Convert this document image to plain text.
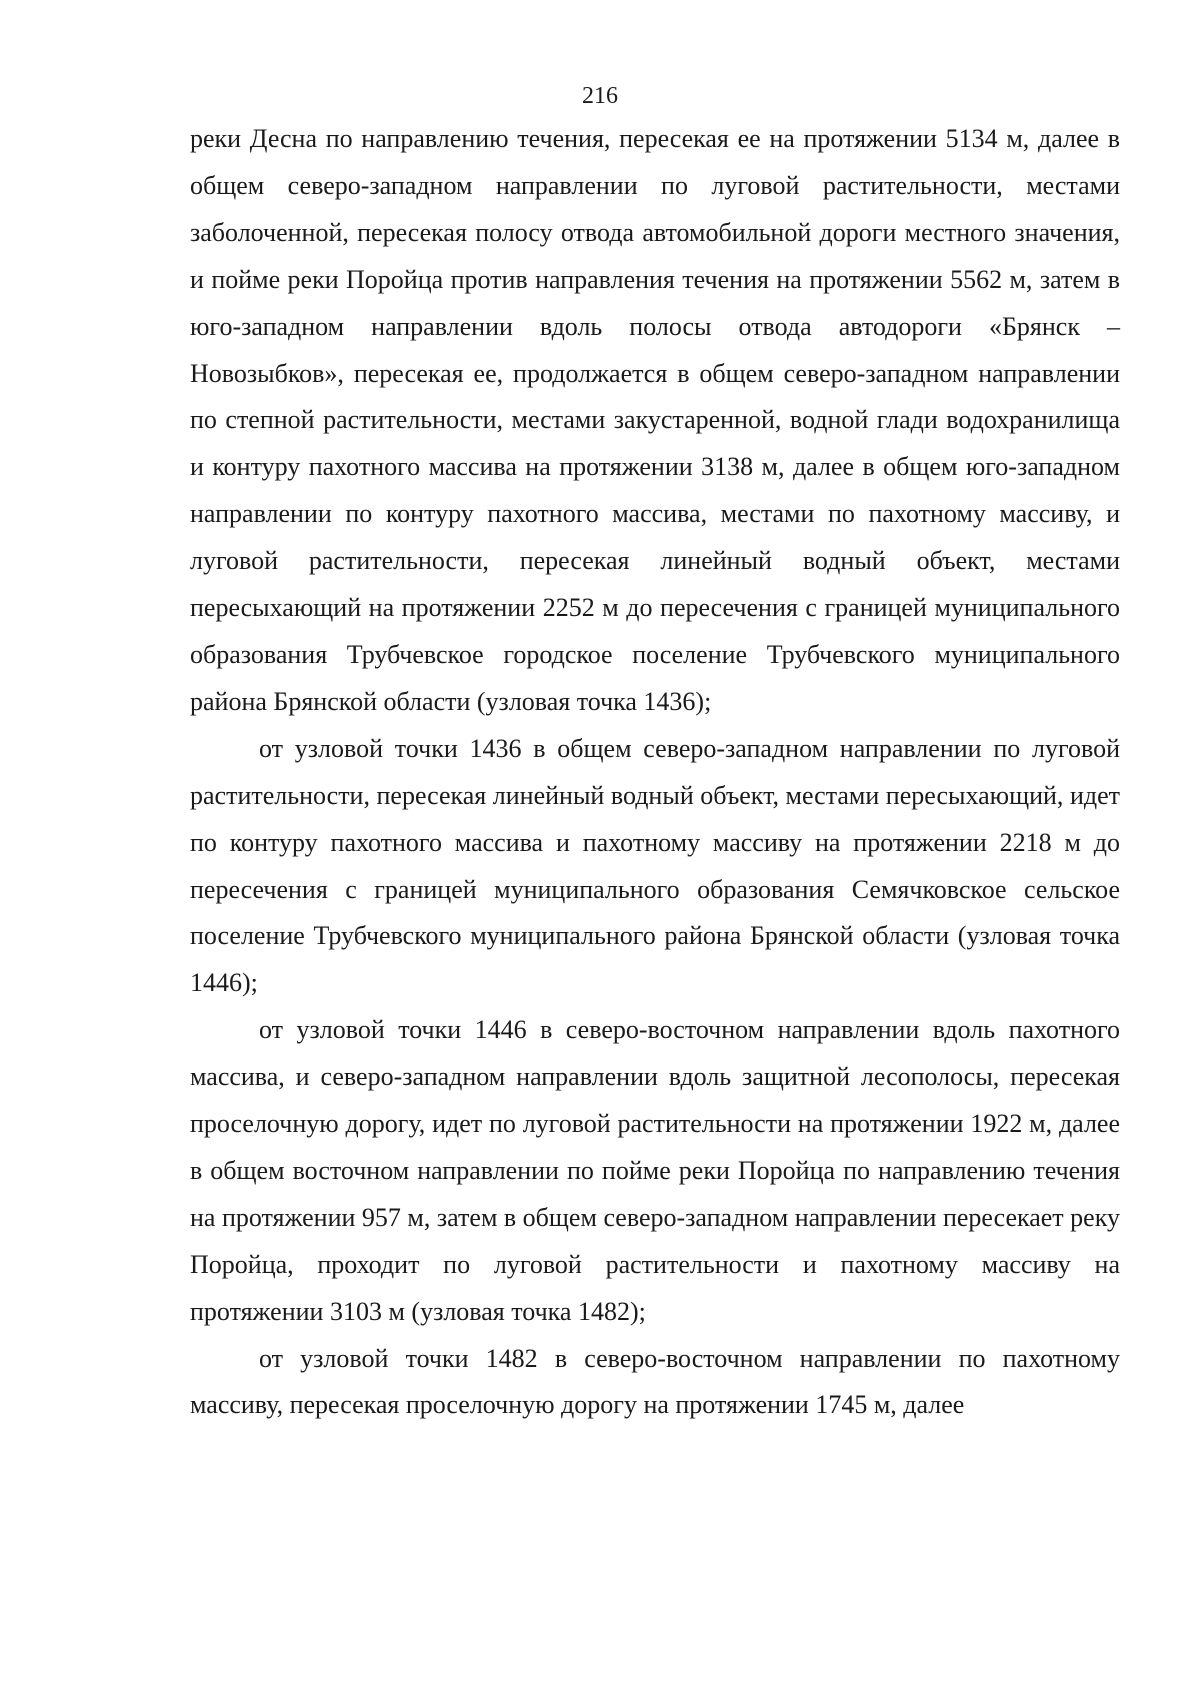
216

реки Десна по направлению течения, пересекая ее на протяжении 5134 м, далее в общем северо-западном направлении по луговой растительности, местами заболоченной, пересекая полосу отвода автомобильной дороги местного значения, и пойме реки Поройца против направления течения на протяжении 5562 м, затем в юго-западном направлении вдоль полосы отвода автодороги «Брянск – Новозыбков», пересекая ее, продолжается в общем северо-западном направлении по степной растительности, местами закустаренной, водной глади водохранилища и контуру пахотного массива на протяжении 3138 м, далее в общем юго-западном направлении по контуру пахотного массива, местами по пахотному массиву, и луговой растительности, пересекая линейный водный объект, местами пересыхающий на протяжении 2252 м до пересечения с границей муниципального образования Трубчевское городское поселение Трубчевского муниципального района Брянской области (узловая точка 1436);

от узловой точки 1436 в общем северо-западном направлении по луговой растительности, пересекая линейный водный объект, местами пересыхающий, идет по контуру пахотного массива и пахотному массиву на протяжении 2218 м до пересечения с границей муниципального образования Семячковское сельское поселение Трубчевского муниципального района Брянской области (узловая точка 1446);

от узловой точки 1446 в северо-восточном направлении вдоль пахотного массива, и северо-западном направлении вдоль защитной лесополосы, пересекая проселочную дорогу, идет по луговой растительности на протяжении 1922 м, далее в общем восточном направлении по пойме реки Поройца по направлению течения на протяжении 957 м, затем в общем северо-западном направлении пересекает реку Поройца, проходит по луговой растительности и пахотному массиву на протяжении 3103 м (узловая точка 1482);

от узловой точки 1482 в северо-восточном направлении по пахотному массиву, пересекая проселочную дорогу на протяжении 1745 м, далее
